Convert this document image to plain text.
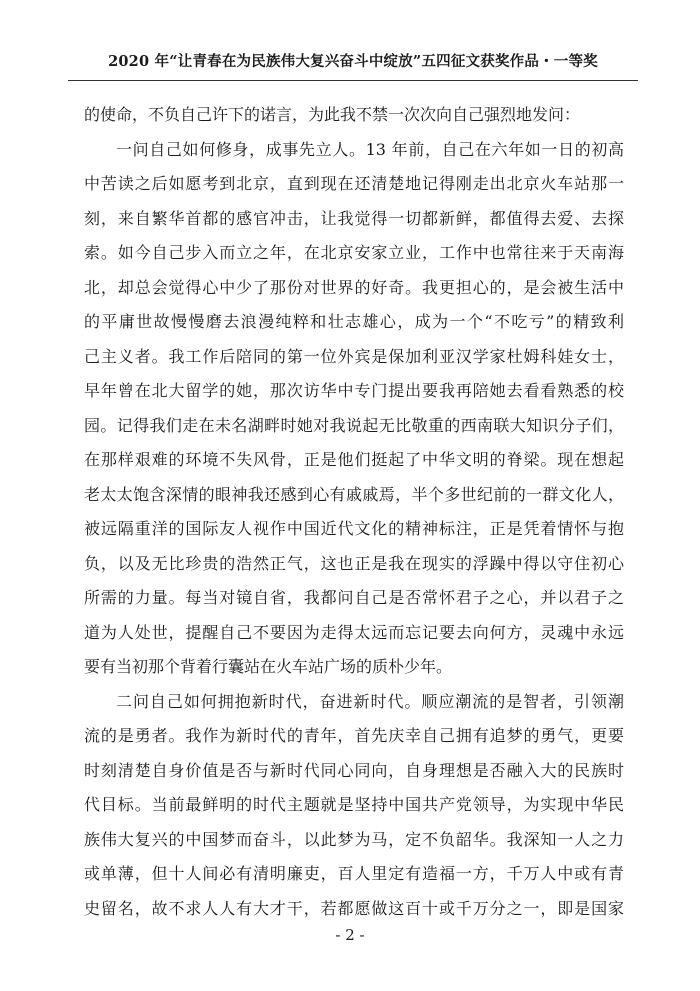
2020 年“让青春在为民族伟大复兴奋斗中绽放”五四征文获奖作品・一等奖
的使命，不负自己许下的诺言，为此我不禁一次次向自己强烈地发问：
一问自己如何修身，成事先立人。13 年前，自己在六年如一日的初高
中苦读之后如愿考到北京，直到现在还清楚地记得刚走出北京火车站那一
刻，来自繁华首都的感官冲击，让我觉得一切都新鲜，都值得去爱、去探
索。如今自己步入而立之年，在北京安家立业，工作中也常往来于天南海
北，却总会觉得心中少了那份对世界的好奇。我更担心的，是会被生活中
的平庸世故慢慢磨去浪漫纯粹和壮志雄心，成为一个“不吃亏”的精致利
己主义者。我工作后陪同的第一位外宾是保加利亚汉学家杜姆科娃女士，
早年曾在北大留学的她，那次访华中专门提出要我再陪她去看看熟悉的校
园。记得我们走在未名湖畔时她对我说起无比敬重的西南联大知识分子们，
在那样艰难的环境不失风骨，正是他们挺起了中华文明的脊梁。现在想起
老太太饱含深情的眼神我还感到心有戚戚焉，半个多世纪前的一群文化人，
被远隔重洋的国际友人视作中国近代文化的精神标注，正是凭着情怀与抱
负，以及无比珍贵的浩然正气，这也正是我在现实的浮躁中得以守住初心
所需的力量。每当对镜自省，我都问自己是否常怀君子之心，并以君子之
道为人处世，提醒自己不要因为走得太远而忘记要去向何方，灵魂中永远
要有当初那个背着行囊站在火车站广场的质朴少年。
二问自己如何拥抱新时代，奋进新时代。顺应潮流的是智者，引领潮
流的是勇者。我作为新时代的青年，首先庆幸自己拥有追梦的勇气，更要
时刻清楚自身价值是否与新时代同心同向，自身理想是否融入大的民族时
代目标。当前最鲜明的时代主题就是坚持中国共产党领导，为实现中华民
族伟大复兴的中国梦而奋斗，以此梦为马，定不负韶华。我深知一人之力
或单薄，但十人间必有清明廉吏，百人里定有造福一方，千万人中或有青
史留名，故不求人人有大才干，若都愿做这百十或千万分之一，即是国家
- 2 -
